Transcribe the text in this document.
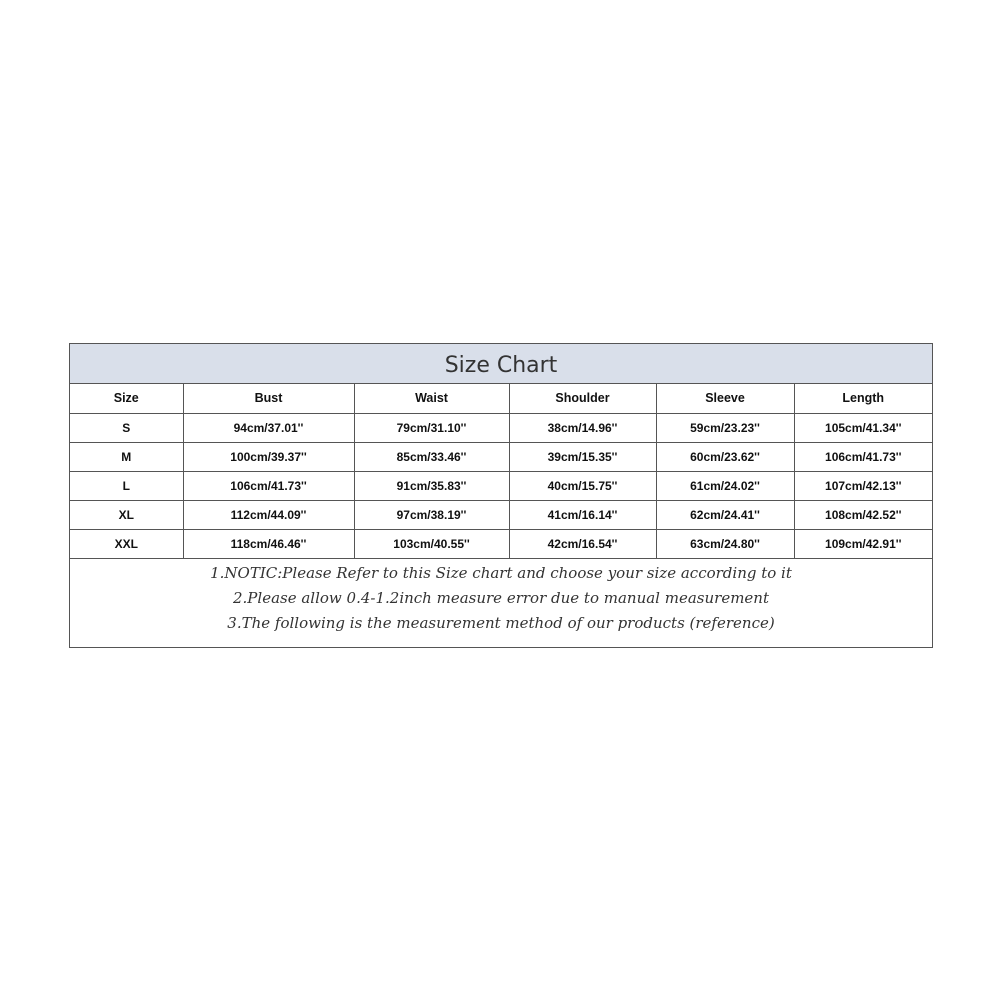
Size Chart
Size	Bust	Waist	Shoulder	Sleeve	Length
S	94cm/37.01''	79cm/31.10''	38cm/14.96''	59cm/23.23''	105cm/41.34''
M	100cm/39.37''	85cm/33.46''	39cm/15.35''	60cm/23.62''	106cm/41.73''
L	106cm/41.73''	91cm/35.83''	40cm/15.75''	61cm/24.02''	107cm/42.13''
XL	112cm/44.09''	97cm/38.19''	41cm/16.14''	62cm/24.41''	108cm/42.52''
XXL	118cm/46.46''	103cm/40.55''	42cm/16.54''	63cm/24.80''	109cm/42.91''
1.NOTIC:Please Refer to this Size chart and choose your size according to it
2.Please allow 0.4-1.2inch measure error due to manual measurement
3.The following is the measurement method of our products (reference)
